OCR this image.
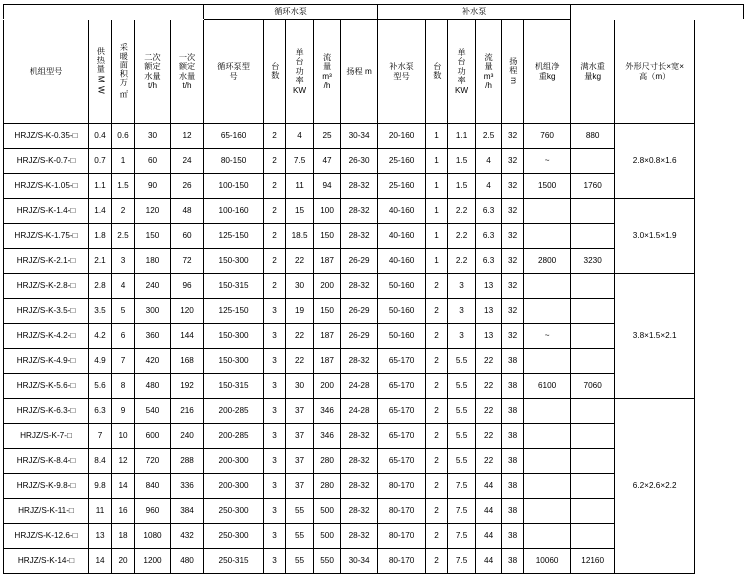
					循环水泵					补水泵							
机组型号	供热量 M W	采暖面积万 ㎡	二次
额定
水量
t/h	一次
额定
水量
t/h	循环泵型
号	台数	单
台
功
率
KW	流
量
m³
/h	扬程 m	补水泵
型号	台数	单
台
功
率
KW	流
量
m³
/h	扬程 m	机组净
重kg	满水重
量kg	外形尺寸长×宽×
高（m）

HRJZ/S-K-0.35-□	0.4	0.6	30	12	65-160	2	4	25	30-34	20-160	1	1.1	2.5	32	760	880	2.8×0.8×1.6
HRJZ/S-K-0.7-□	0.7	1	60	24	80-150	2	7.5	47	26-30	25-160	1	1.5	4	32	~		
HRJZ/S-K-1.05-□	1.1	1.5	90	26	100-150	2	11	94	28-32	25-160	1	1.5	4	32	1500	1760	
HRJZ/S-K-1.4-□	1.4	2	120	48	100-160	2	15	100	28-32	40-160	1	2.2	6.3	32			3.0×1.5×1.9
HRJZ/S-K-1.75-□	1.8	2.5	150	60	125-150	2	18.5	150	28-32	40-160	1	2.2	6.3	32			
HRJZ/S-K-2.1-□	2.1	3	180	72	150-300	2	22	187	26-29	40-160	1	2.2	6.3	32	2800	3230	
HRJZ/S-K-2.8-□	2.8	4	240	96	150-315	2	30	200	28-32	50-160	2	3	13	32			3.8×1.5×2.1
HRJZ/S-K-3.5-□	3.5	5	300	120	125-150	3	19	150	26-29	50-160	2	3	13	32			
HRJZ/S-K-4.2-□	4.2	6	360	144	150-300	3	22	187	26-29	50-160	2	3	13	32	~		
HRJZ/S-K-4.9-□	4.9	7	420	168	150-300	3	22	187	28-32	65-170	2	5.5	22	38			
HRJZ/S-K-5.6-□	5.6	8	480	192	150-315	3	30	200	24-28	65-170	2	5.5	22	38	6100	7060	
HRJZ/S-K-6.3-□	6.3	9	540	216	200-285	3	37	346	24-28	65-170	2	5.5	22	38			6.2×2.6×2.2
HRJZ/S-K-7-□	7	10	600	240	200-285	3	37	346	28-32	65-170	2	5.5	22	38			
HRJZ/S-K-8.4-□	8.4	12	720	288	200-300	3	37	280	28-32	65-170	2	5.5	22	38			
HRJZ/S-K-9.8-□	9.8	14	840	336	200-300	3	37	280	28-32	80-170	2	7.5	44	38			
HRJZ/S-K-11-□	11	16	960	384	250-300	3	55	500	28-32	80-170	2	7.5	44	38			
HRJZ/S-K-12.6-□	13	18	1080	432	250-300	3	55	500	28-32	80-170	2	7.5	44	38			
HRJZ/S-K-14-□	14	20	1200	480	250-315	3	55	550	30-34	80-170	2	7.5	44	38	10060	12160	
